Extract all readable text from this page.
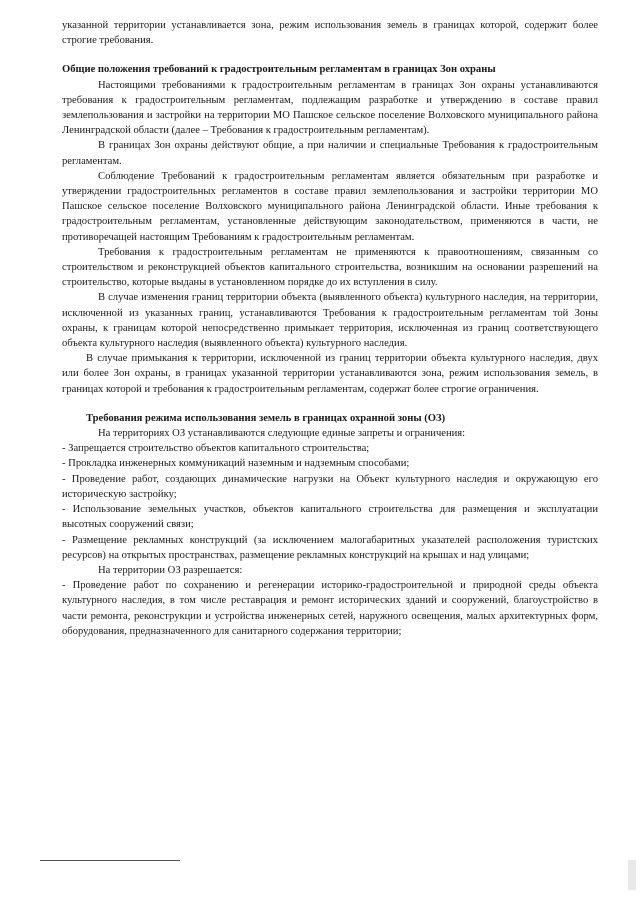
указанной территории устанавливается зона, режим использования земель в границах которой, содержит более строгие требования.

Общие положения требований к градостроительным регламентам в границах Зон охраны

Настоящими требованиями к градостроительным регламентам в границах Зон охраны устанавливаются требования к градостроительным регламентам, подлежащим разработке и утверждению в составе правил землепользования и застройки на территории МО Пашское сельское поселение Волховского муниципального района Ленинградской области (далее – Требования к градостроительным регламентам).

В границах Зон охраны действуют общие, а при наличии и специальные Требования к градостроительным регламентам.

Соблюдение Требований к градостроительным регламентам является обязательным при разработке и утверждении градостроительных регламентов в составе правил землепользования и застройки территории МО Пашское сельское поселение Волховского муниципального района Ленинградской области. Иные требования к градостроительным регламентам, установленные действующим законодательством, применяются в части, не противоречащей настоящим Требованиям к градостроительным регламентам.

Требования к градостроительным регламентам не применяются к правоотношениям, связанным со строительством и реконструкцией объектов капитального строительства, возникшим на основании разрешений на строительство, которые выданы в установленном порядке до их вступления в силу.

В случае изменения границ территории объекта (выявленного объекта) культурного наследия, на территории, исключенной из указанных границ, устанавливаются Требования к градостроительным регламентам той Зоны охраны, к границам которой непосредственно примыкает территория, исключенная из границ соответствующего объекта культурного наследия (выявленного объекта) культурного наследия.

В случае примыкания к территории, исключенной из границ территории объекта культурного наследия, двух или более Зон охраны, в границах указанной территории устанавливаются зона, режим использования земель, в границах которой и требования к градостроительным регламентам, содержат более строгие ограничения.

Требования режима использования земель в границах охранной зоны (ОЗ)

На территориях ОЗ устанавливаются следующие единые запреты и ограничения:

- Запрещается строительство объектов капитального строительства;

- Прокладка инженерных коммуникаций наземным и надземным способами;

- Проведение работ, создающих динамические нагрузки на Объект культурного наследия и окружающую его историческую застройку;

- Использование земельных участков, объектов капитального строительства для размещения и эксплуатации высотных сооружений связи;

- Размещение рекламных конструкций (за исключением малогабаритных указателей расположения туристских ресурсов) на открытых пространствах, размещение рекламных конструкций на крышах и над улицами;

На территории ОЗ разрешается:

- Проведение работ по сохранению и регенерации историко-градостроительной и природной среды объекта культурного наследия, в том числе реставрация и ремонт исторических зданий и сооружений, благоустройство в части ремонта, реконструкции и устройства инженерных сетей, наружного освещения, малых архитектурных форм, оборудования, предназначенного для санитарного содержания территории;
